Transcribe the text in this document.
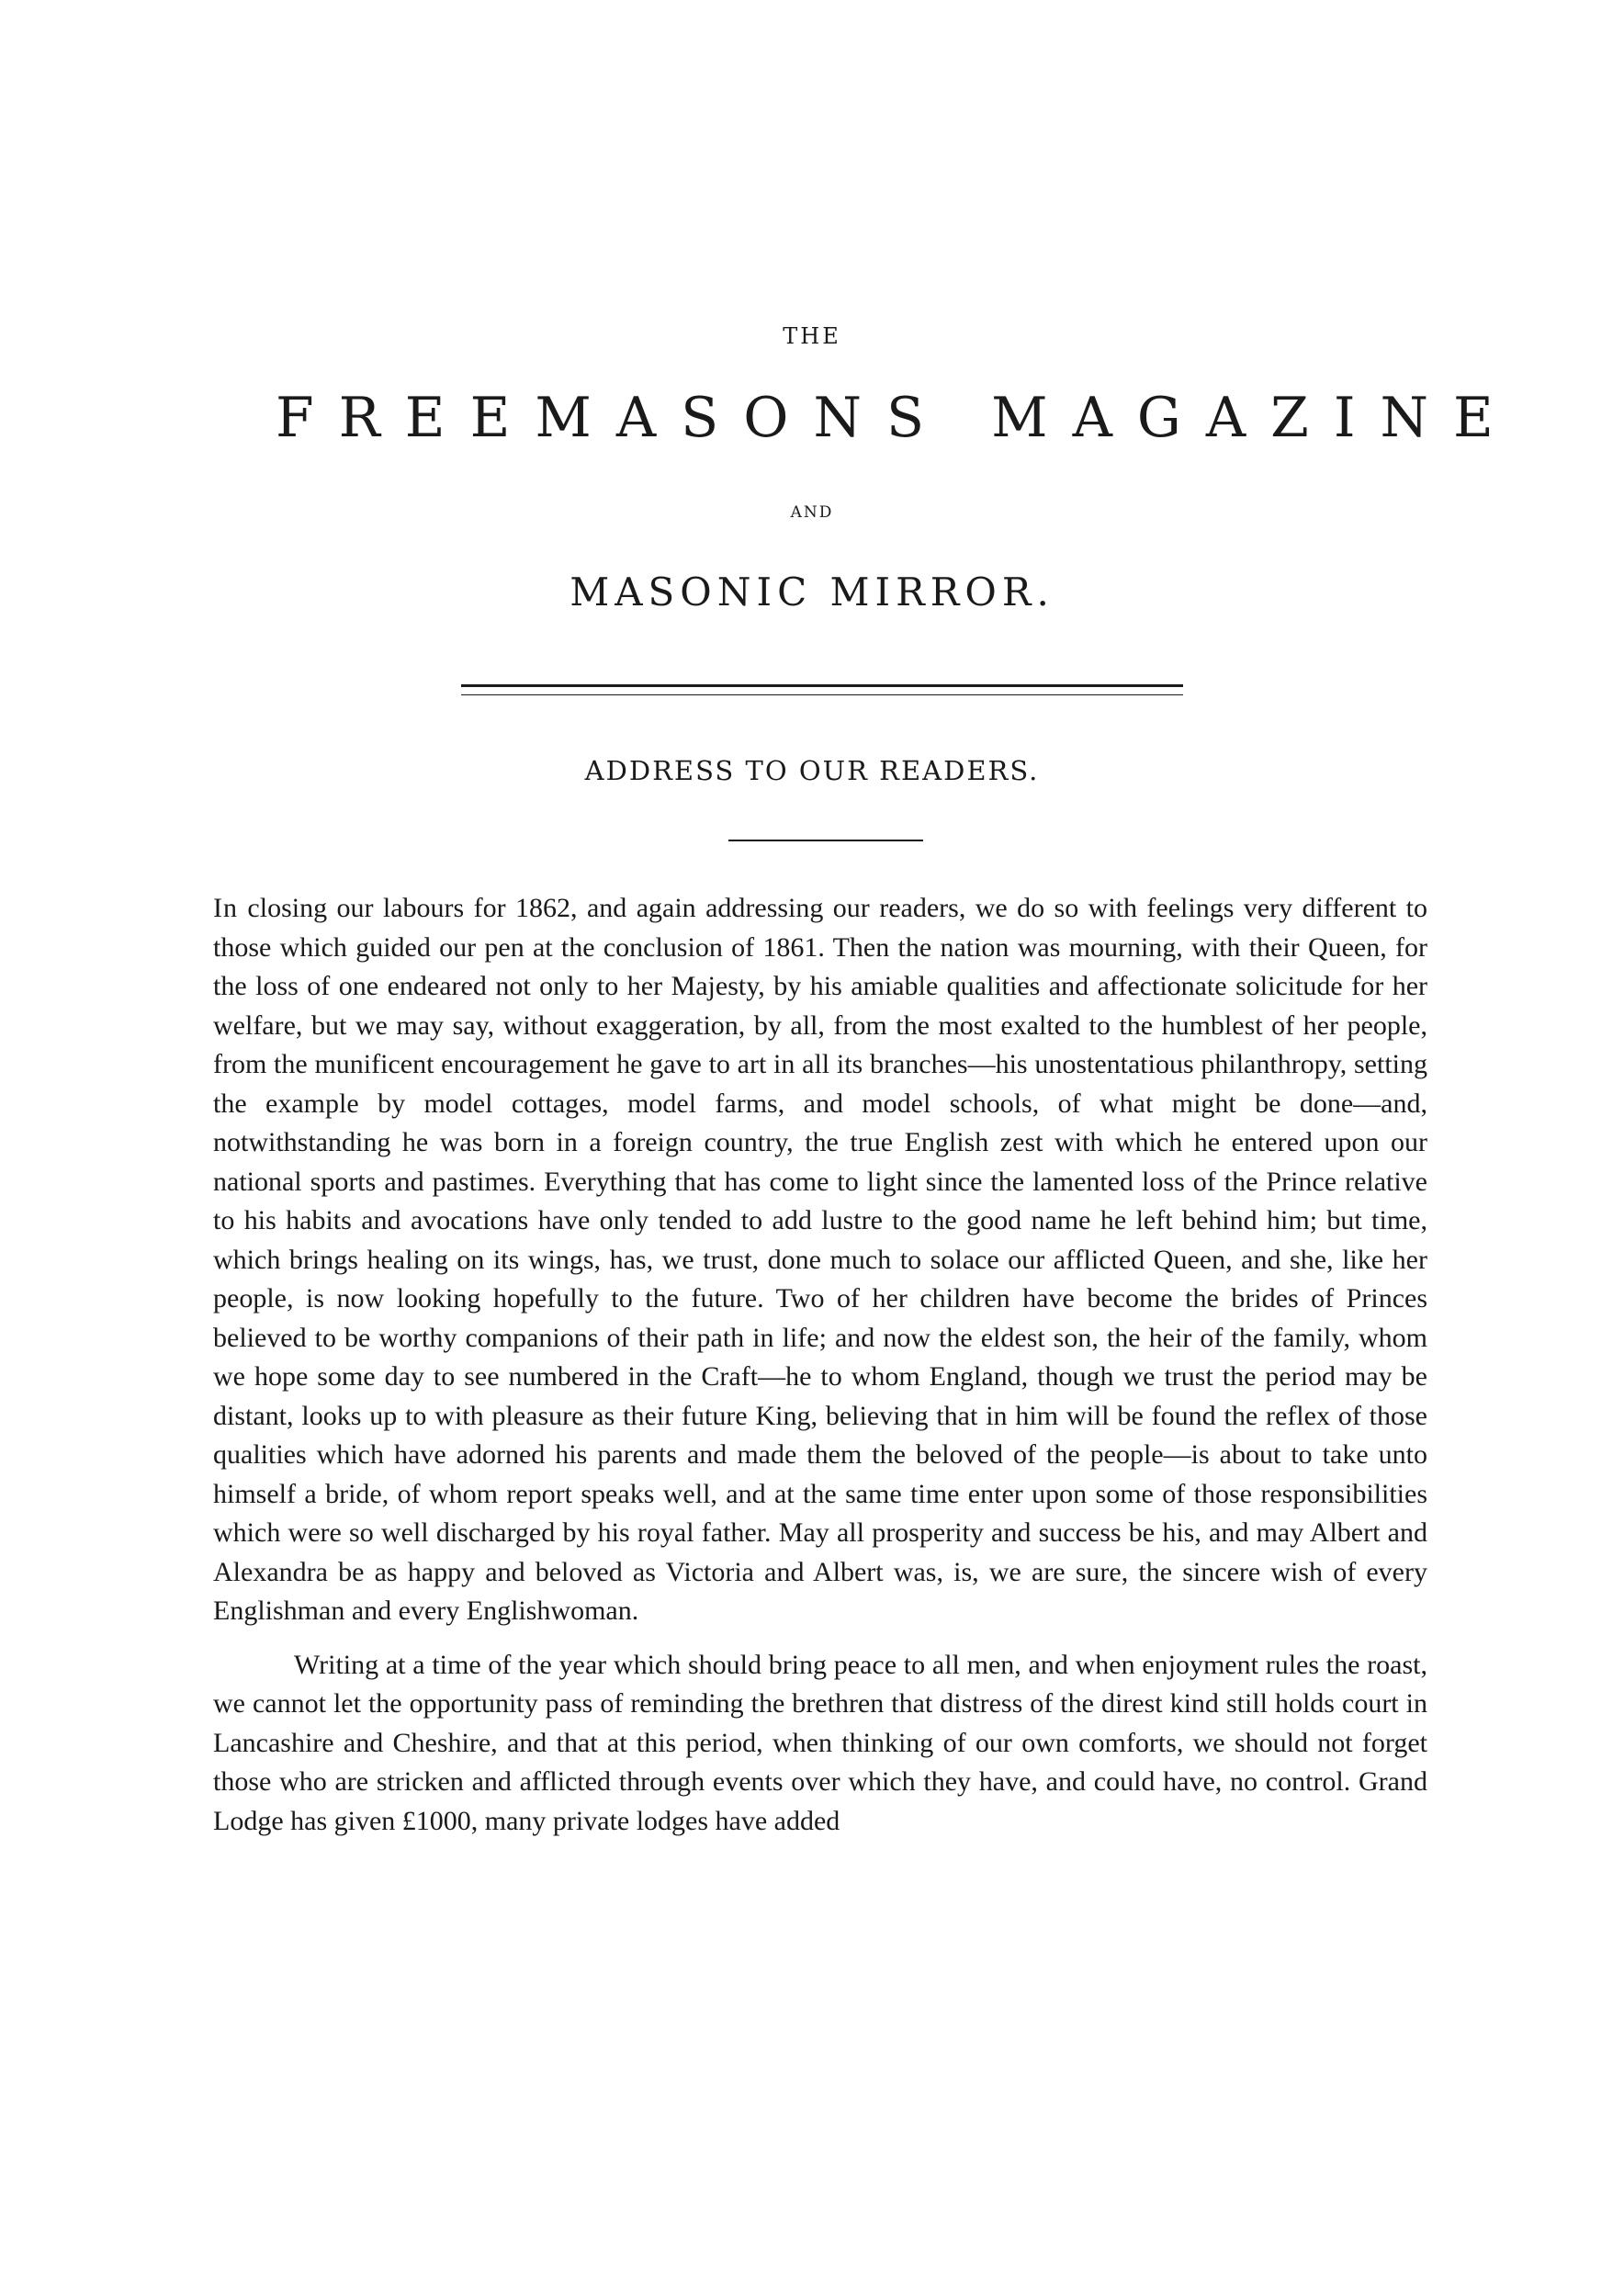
THE
FREEMASONS MAGAZINE
AND
MASONIC MIRROR.
ADDRESS TO OUR READERS.

In closing our labours for 1862, and again addressing our readers, we do so with feelings very different to those which guided our pen at the conclusion of 1861. Then the nation was mourning, with their Queen, for the loss of one endeared not only to her Majesty, by his amiable qualities and affectionate solicitude for her welfare, but we may say, without exaggeration, by all, from the most exalted to the humblest of her people, from the munificent encouragement he gave to art in all its branches—his unostentatious philanthropy, setting the example by model cottages, model farms, and model schools, of what might be done—and, notwithstanding he was born in a foreign country, the true English zest with which he entered upon our national sports and pastimes. Everything that has come to light since the lamented loss of the Prince relative to his habits and avocations have only tended to add lustre to the good name he left behind him; but time, which brings healing on its wings, has, we trust, done much to solace our afflicted Queen, and she, like her people, is now looking hopefully to the future. Two of her children have become the brides of Princes believed to be worthy companions of their path in life; and now the eldest son, the heir of the family, whom we hope some day to see numbered in the Craft—he to whom England, though we trust the period may be distant, looks up to with pleasure as their future King, believing that in him will be found the reflex of those qualities which have adorned his parents and made them the beloved of the people—is about to take unto himself a bride, of whom report speaks well, and at the same time enter upon some of those responsibilities which were so well discharged by his royal father. May all prosperity and success be his, and may Albert and Alexandra be as happy and beloved as Victoria and Albert was, is, we are sure, the sincere wish of every Englishman and every Englishwoman.

Writing at a time of the year which should bring peace to all men, and when enjoyment rules the roast, we cannot let the opportunity pass of reminding the brethren that distress of the direst kind still holds court in Lancashire and Cheshire, and that at this period, when thinking of our own comforts, we should not forget those who are stricken and afflicted through events over which they have, and could have, no control. Grand Lodge has given £1000, many private lodges have added
